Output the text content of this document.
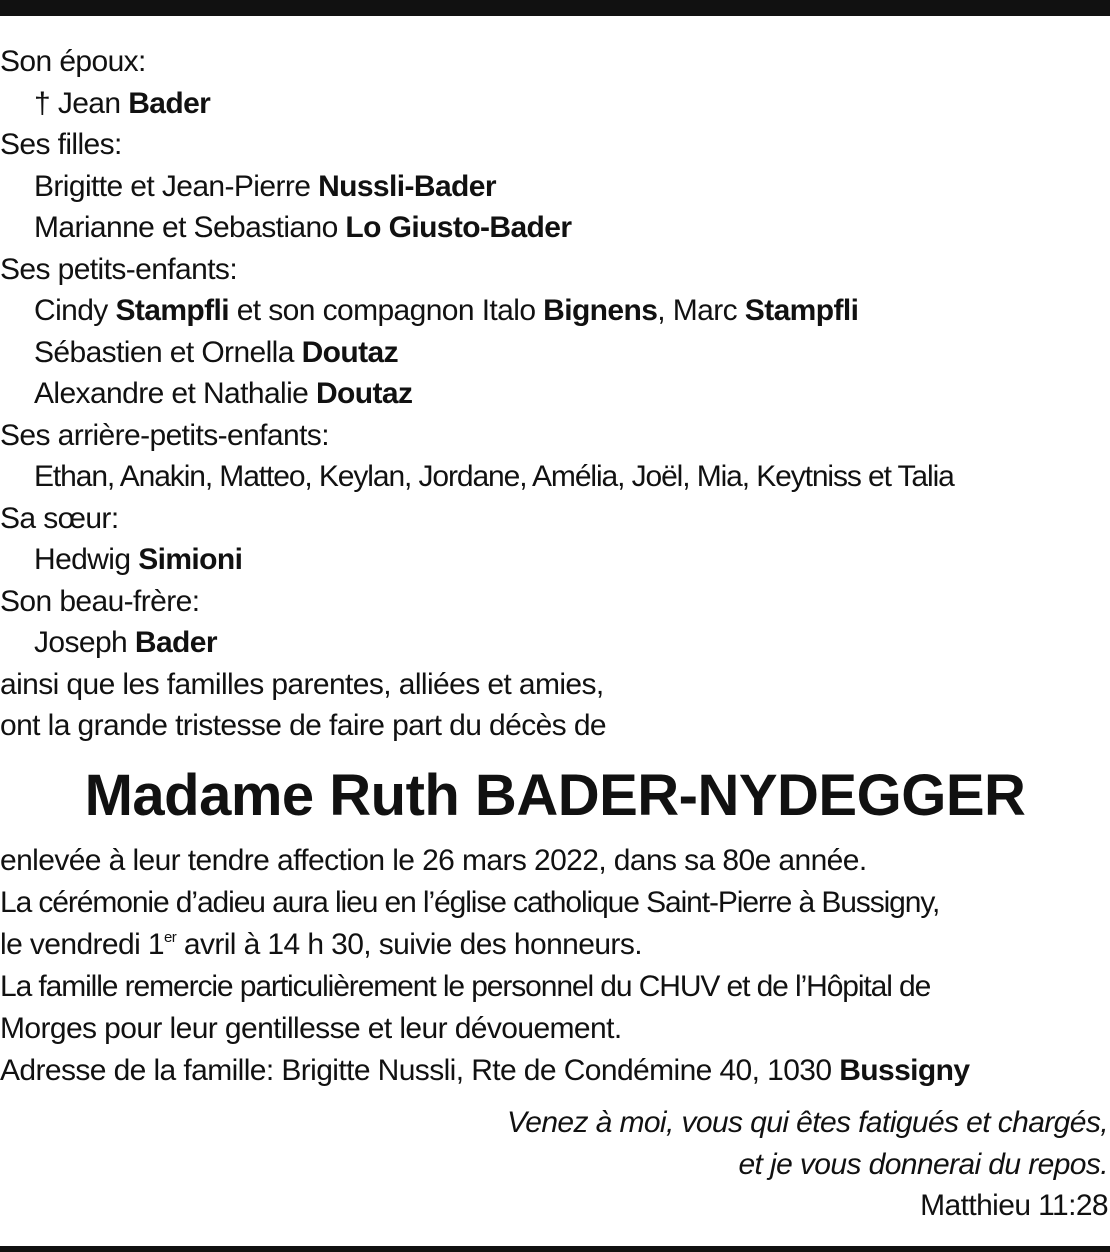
Son époux:
† Jean Bader
Ses filles:
Brigitte et Jean-Pierre Nussli-Bader
Marianne et Sebastiano Lo Giusto-Bader
Ses petits-enfants:
Cindy Stampfli et son compagnon Italo Bignens, Marc Stampfli
Sébastien et Ornella Doutaz
Alexandre et Nathalie Doutaz
Ses arrière-petits-enfants:
Ethan, Anakin, Matteo, Keylan, Jordane, Amélia, Joël, Mia, Keytniss et Talia
Sa sœur:
Hedwig Simioni
Son beau-frère:
Joseph Bader
ainsi que les familles parentes, alliées et amies,
ont la grande tristesse de faire part du décès de
Madame Ruth BADER-NYDEGGER
enlevée à leur tendre affection le 26 mars 2022, dans sa 80e année.
La cérémonie d’adieu aura lieu en l’église catholique Saint-Pierre à Bussigny,
le vendredi 1er avril à 14 h 30, suivie des honneurs.
La famille remercie particulièrement le personnel du CHUV et de l’Hôpital de
Morges pour leur gentillesse et leur dévouement.
Adresse de la famille: Brigitte Nussli, Rte de Condémine 40, 1030 Bussigny
Venez à moi, vous qui êtes fatigués et chargés,
et je vous donnerai du repos.
Matthieu 11:28
